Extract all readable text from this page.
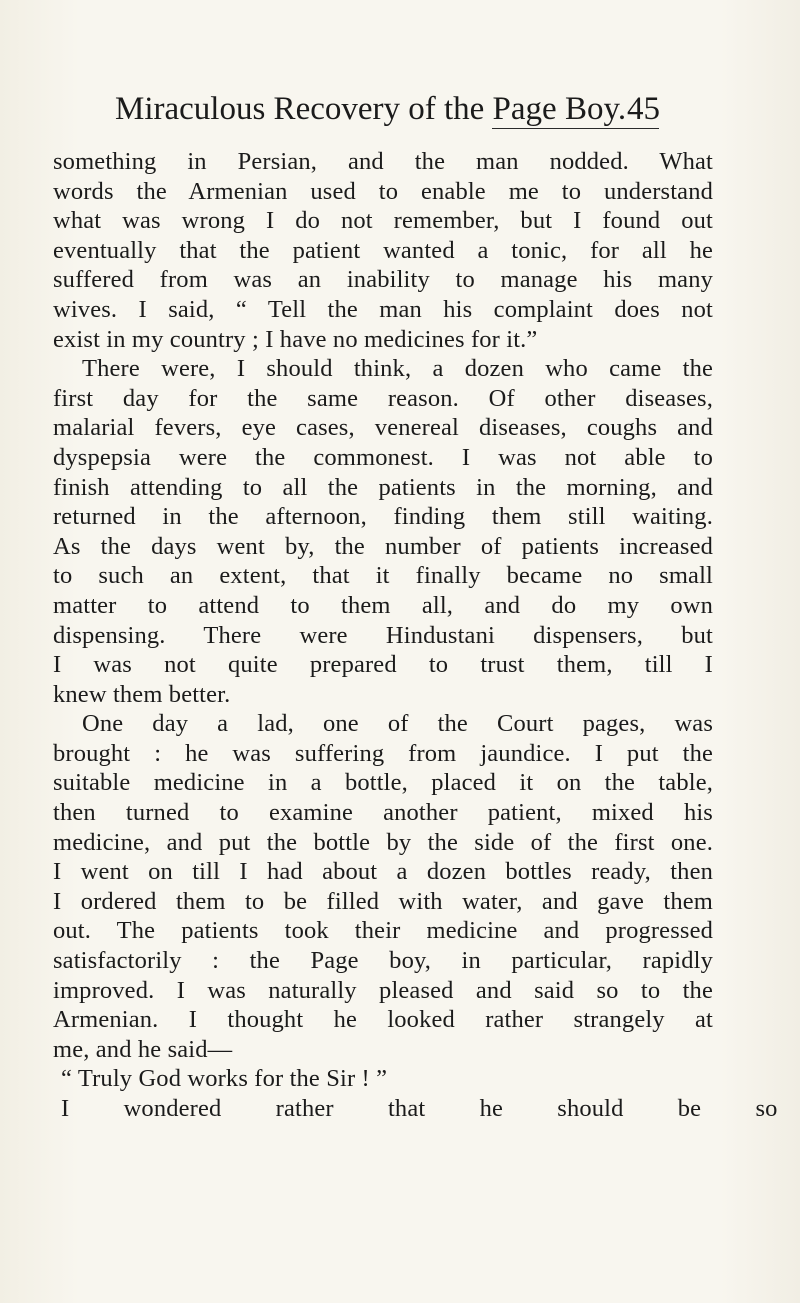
Miraculous Recovery of the Page Boy. 45
something in Persian, and the man nodded. What
words the Armenian used to enable me to understand
what was wrong I do not remember, but I found out
eventually that the patient wanted a tonic, for all he
suffered from was an inability to manage his many
wives. I said, “ Tell the man his complaint does not
exist in my country ; I have no medicines for it.”
There were, I should think, a dozen who came the
first day for the same reason. Of other diseases,
malarial fevers, eye cases, venereal diseases, coughs and
dyspepsia were the commonest. I was not able to
finish attending to all the patients in the morning, and
returned in the afternoon, finding them still waiting.
As the days went by, the number of patients increased
to such an extent, that it finally became no small
matter to attend to them all, and do my own
dispensing. There were Hindustani dispensers, but
I was not quite prepared to trust them, till I
knew them better.
One day a lad, one of the Court pages, was
brought : he was suffering from jaundice. I put the
suitable medicine in a bottle, placed it on the table,
then turned to examine another patient, mixed his
medicine, and put the bottle by the side of the first one.
I went on till I had about a dozen bottles ready, then
I ordered them to be filled with water, and gave them
out. The patients took their medicine and progressed
satisfactorily : the Page boy, in particular, rapidly
improved. I was naturally pleased and said so to the
Armenian. I thought he looked rather strangely at
me, and he said—
“ Truly God works for the Sir ! ”
I wondered rather that he should be so
